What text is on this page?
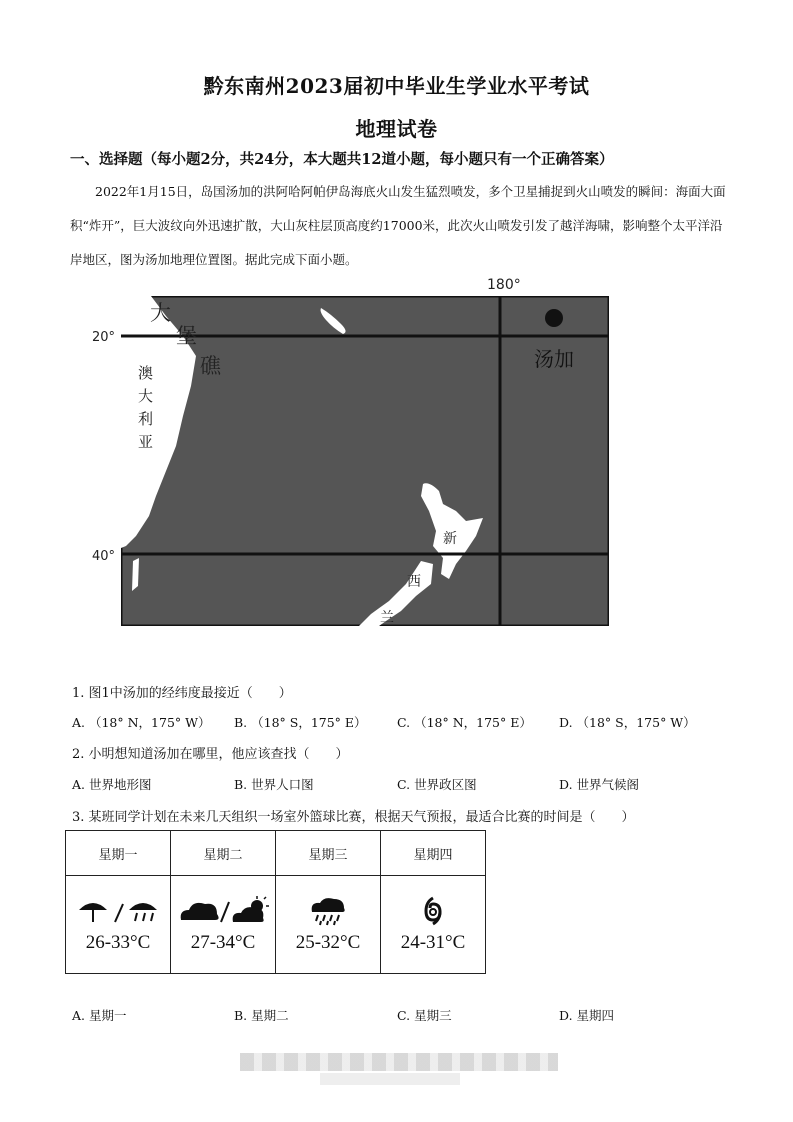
黔东南州2023届初中毕业生学业水平考试
地理试卷
一、选择题（每小题2分，共24分，本大题共12道小题，每小题只有一个正确答案）
2022年1月15日，岛国汤加的洪阿哈阿帕伊岛海底火山发生猛烈喷发，多个卫星捕捉到火山喷发的瞬间：海面大面积“炸开”，巨大波纹向外迅速扩散，大山灰柱层顶高度约17000米，此次火山喷发引发了越洋海啸，影响整个太平洋沿岸地区，图为汤加地理位置图。据此完成下面小题。
180°
20°
40°
大
堡
礁
澳
大
利
亚
汤加
新
西
兰
1. 图1中汤加的经纬度最接近（　　）
A. （18° N，175° W） B. （18° S，175° E） C. （18° N，175° E） D. （18° S，175° W）
2. 小明想知道汤加在哪里，他应该查找（　　）
A. 世界地形图	B. 世界人口图	C. 世界政区图	D. 世界气候阁
3. 某班同学计划在未来几天组织一场室外篮球比赛，根据天气预报，最适合比赛的时间是（　　）
星期一	星期二	星期三	星期四

26-33°C	27-34°C	25-32°C	24-31°C
A. 星期一	B. 星期二	C. 星期三	D. 星期四
